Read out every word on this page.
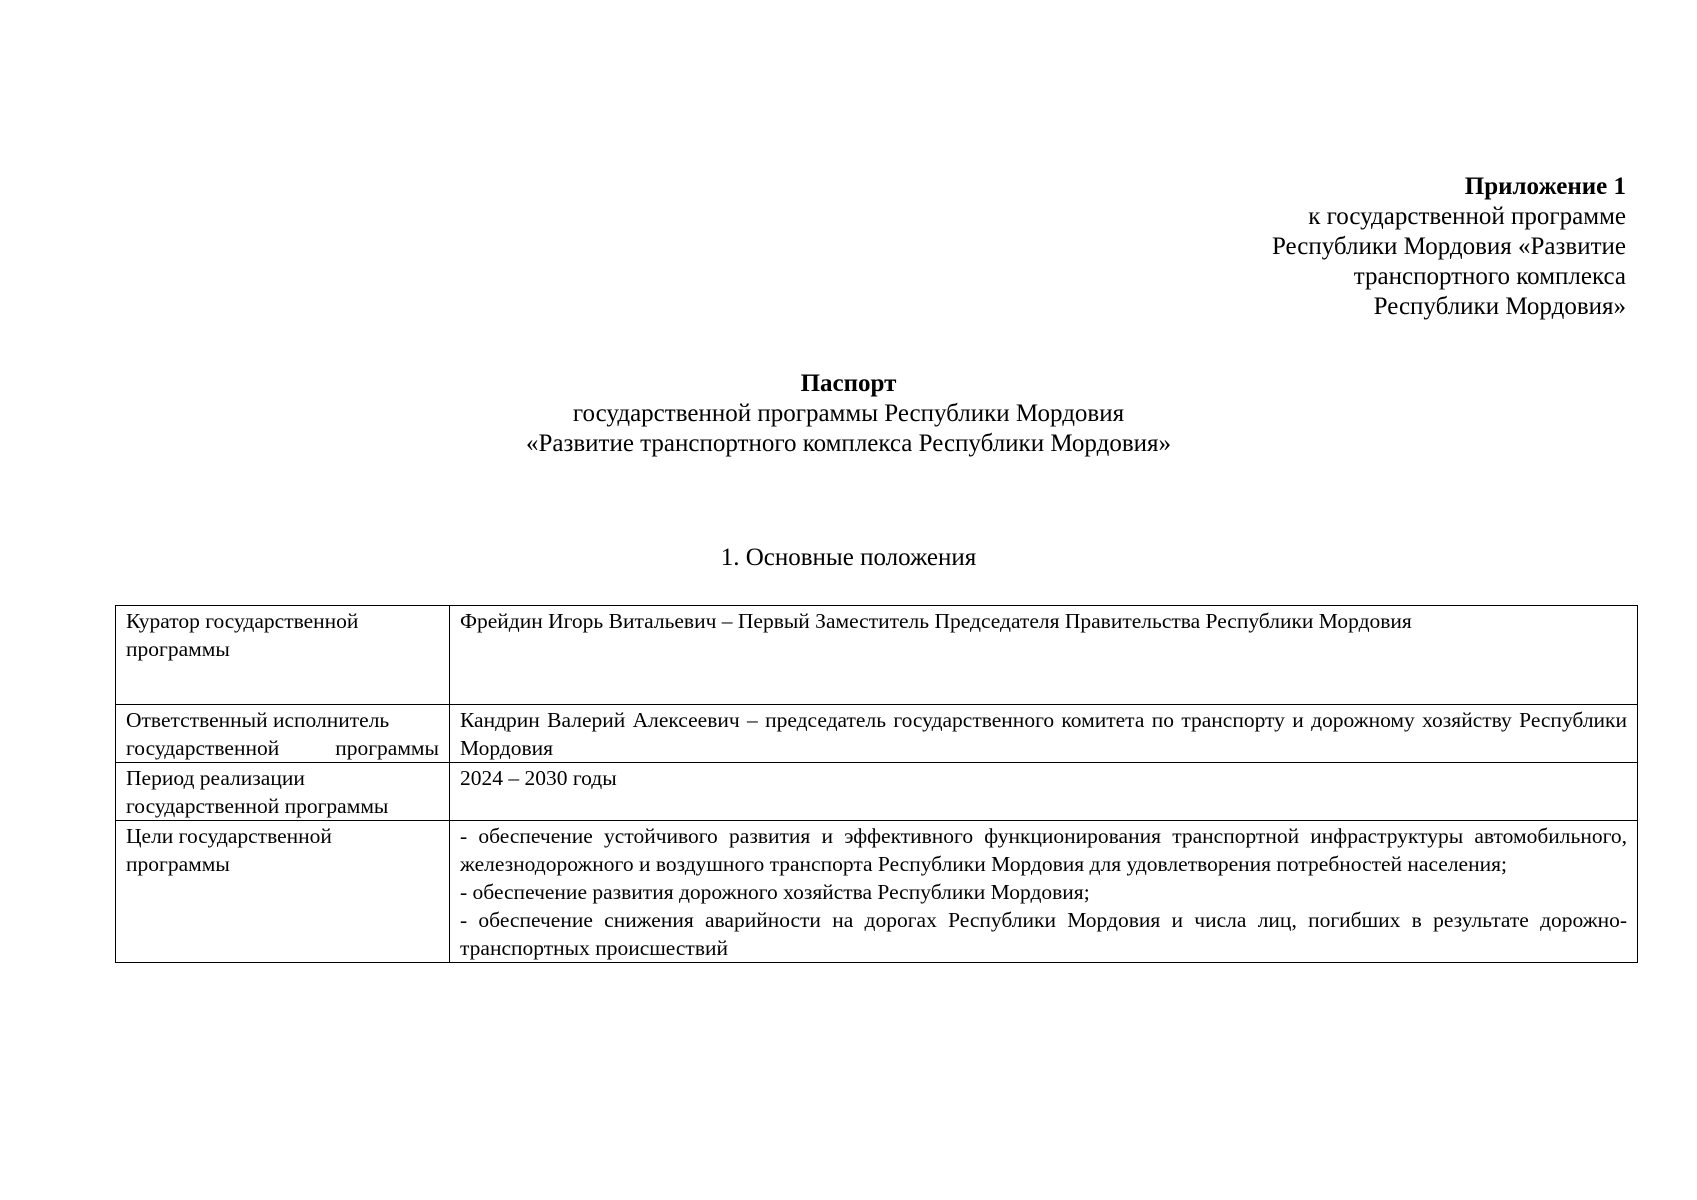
Приложение 1
к государственной программе
Республики Мордовия «Развитие
транспортного комплекса
Республики Мордовия»
Паспорт
государственной программы Республики Мордовия
«Развитие транспортного комплекса Республики Мордовия»
1. Основные положения
Куратор государственной программы	Фрейдин Игорь Витальевич – Первый Заместитель Председателя Правительства Республики Мордовия
Ответственный исполнитель государственной программы	Кандрин Валерий Алексеевич – председатель государственного комитета по транспорту и дорожному хозяйству Республики Мордовия
Период реализации государственной программы	2024 – 2030 годы
Цели государственной программы	- обеспечение устойчивого развития и эффективного функционирования транспортной инфраструктуры автомобильного, железнодорожного и воздушного транспорта Республики Мордовия для удовлетворения потребностей населения;
- обеспечение развития дорожного хозяйства Республики Мордовия;
- обеспечение снижения аварийности на дорогах Республики Мордовия и числа лиц, погибших в результате дорожно-транспортных происшествий
